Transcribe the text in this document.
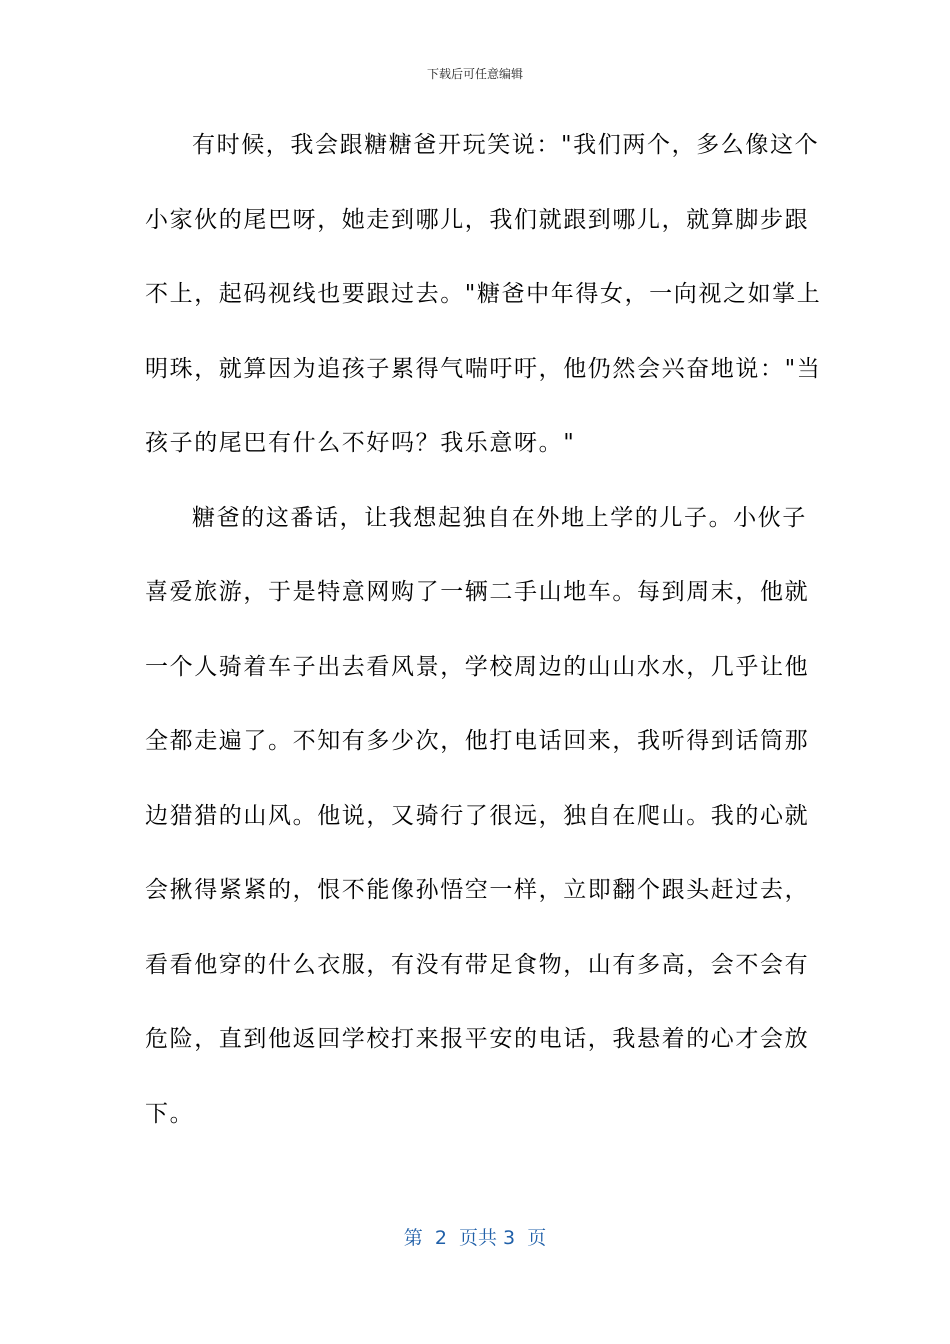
下载后可任意编辑
有时候，我会跟糖糖爸开玩笑说："我们两个，多么像这个
小家伙的尾巴呀，她走到哪儿，我们就跟到哪儿，就算脚步跟
不上，起码视线也要跟过去。"糖爸中年得女，一向视之如掌上
明珠，就算因为追孩子累得气喘吁吁，他仍然会兴奋地说："当
孩子的尾巴有什么不好吗？我乐意呀。"
糖爸的这番话，让我想起独自在外地上学的儿子。小伙子
喜爱旅游，于是特意网购了一辆二手山地车。每到周末，他就
一个人骑着车子出去看风景，学校周边的山山水水，几乎让他
全都走遍了。不知有多少次，他打电话回来，我听得到话筒那
边猎猎的山风。他说，又骑行了很远，独自在爬山。我的心就
会揪得紧紧的，恨不能像孙悟空一样，立即翻个跟头赶过去，
看看他穿的什么衣服，有没有带足食物，山有多高，会不会有
危险，直到他返回学校打来报平安的电话，我悬着的心才会放
下。
第  2  页共 3  页
